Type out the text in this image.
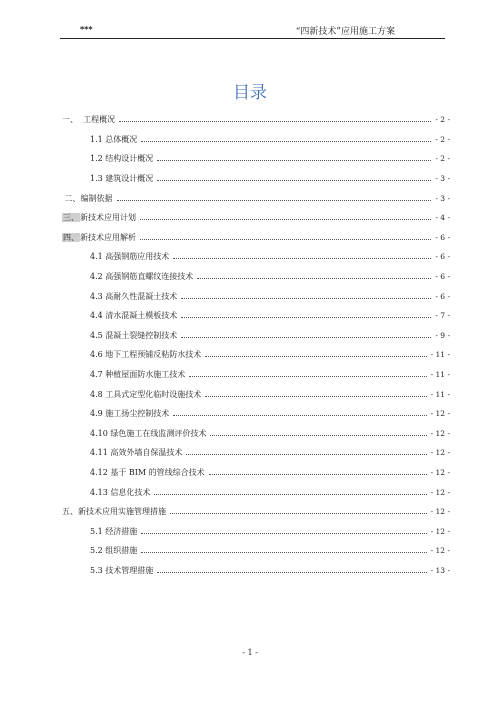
***	“四新技术”应用施工方案
目录
一、  工程概况	- 2 -
1.1 总体概况	- 2 -
1.2 结构设计概况	- 2 -
1.3 建筑设计概况	- 3 -
二、编制依据	- 3 -
三、新技术应用计划	- 4 -
四、新技术应用解析	- 6 -
4.1 高强钢筋应用技术	- 6 -
4.2 高强钢筋直螺纹连接技术	- 6 -
4.3 高耐久性混凝土技术	- 6 -
4.4 清水混凝土模板技术	- 7 -
4.5 混凝土裂缝控制技术	- 9 -
4.6 地下工程预铺反粘防水技术	- 11 -
4.7 种植屋面防水施工技术	- 11 -
4.8 工具式定型化临时设施技术	- 11 -
4.9 施工扬尘控制技术	- 12 -
4.10 绿色施工在线监测评价技术	- 12 -
4.11 高效外墙自保温技术	- 12 -
4.12 基于 BIM 的管线综合技术	- 12 -
4.13 信息化技术	- 12 -
五、新技术应用实施管理措施	- 12 -
5.1 经济措施	- 12 -
5.2 组织措施	- 12 -
5.3 技术管理措施	- 13 -
- 1 -
